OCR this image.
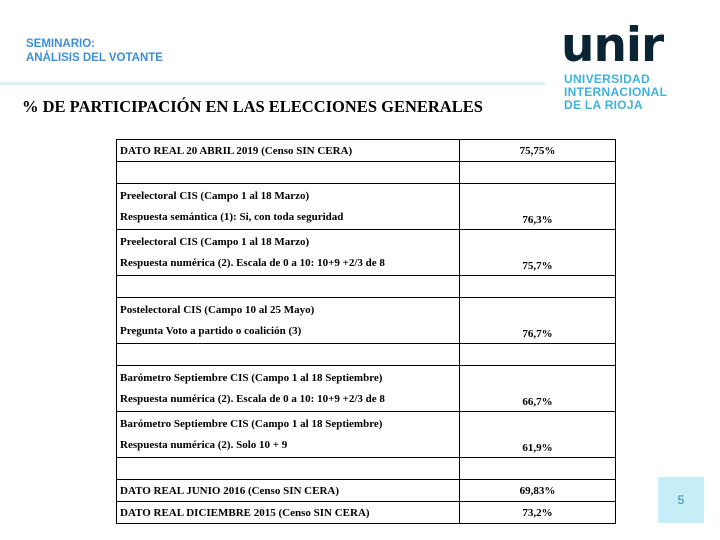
SEMINARIO:
ANÁLISIS DEL VOTANTE	unir
UNIVERSIDAD
INTERNACIONAL
DE LA RIOJA
% DE PARTICIPACIÓN EN LAS ELECCIONES GENERALES
DATO REAL 20 ABRIL 2019 (Censo SIN CERA)	75,75%

Preelectoral CIS (Campo 1 al 18 Marzo)
Respuesta semántica (1): Si, con toda seguridad	76,3%

Preelectoral CIS (Campo 1 al 18 Marzo)
Respuesta numérica (2). Escala de 0 a 10: 10+9 +2/3 de 8	75,7%

Postelectoral CIS (Campo 10 al 25 Mayo)
Pregunta Voto a partido o coalición (3)	76,7%

Barómetro Septiembre CIS (Campo 1 al 18 Septiembre)
Respuesta numérica (2). Escala de 0 a 10: 10+9 +2/3 de 8	66,7%

Barómetro Septiembre CIS (Campo 1 al 18 Septiembre)
Respuesta numérica (2). Solo 10 + 9	61,9%

DATO REAL JUNIO 2016 (Censo SIN CERA)	69,83%
DATO REAL DICIEMBRE 2015 (Censo SIN CERA)	73,2%
5
